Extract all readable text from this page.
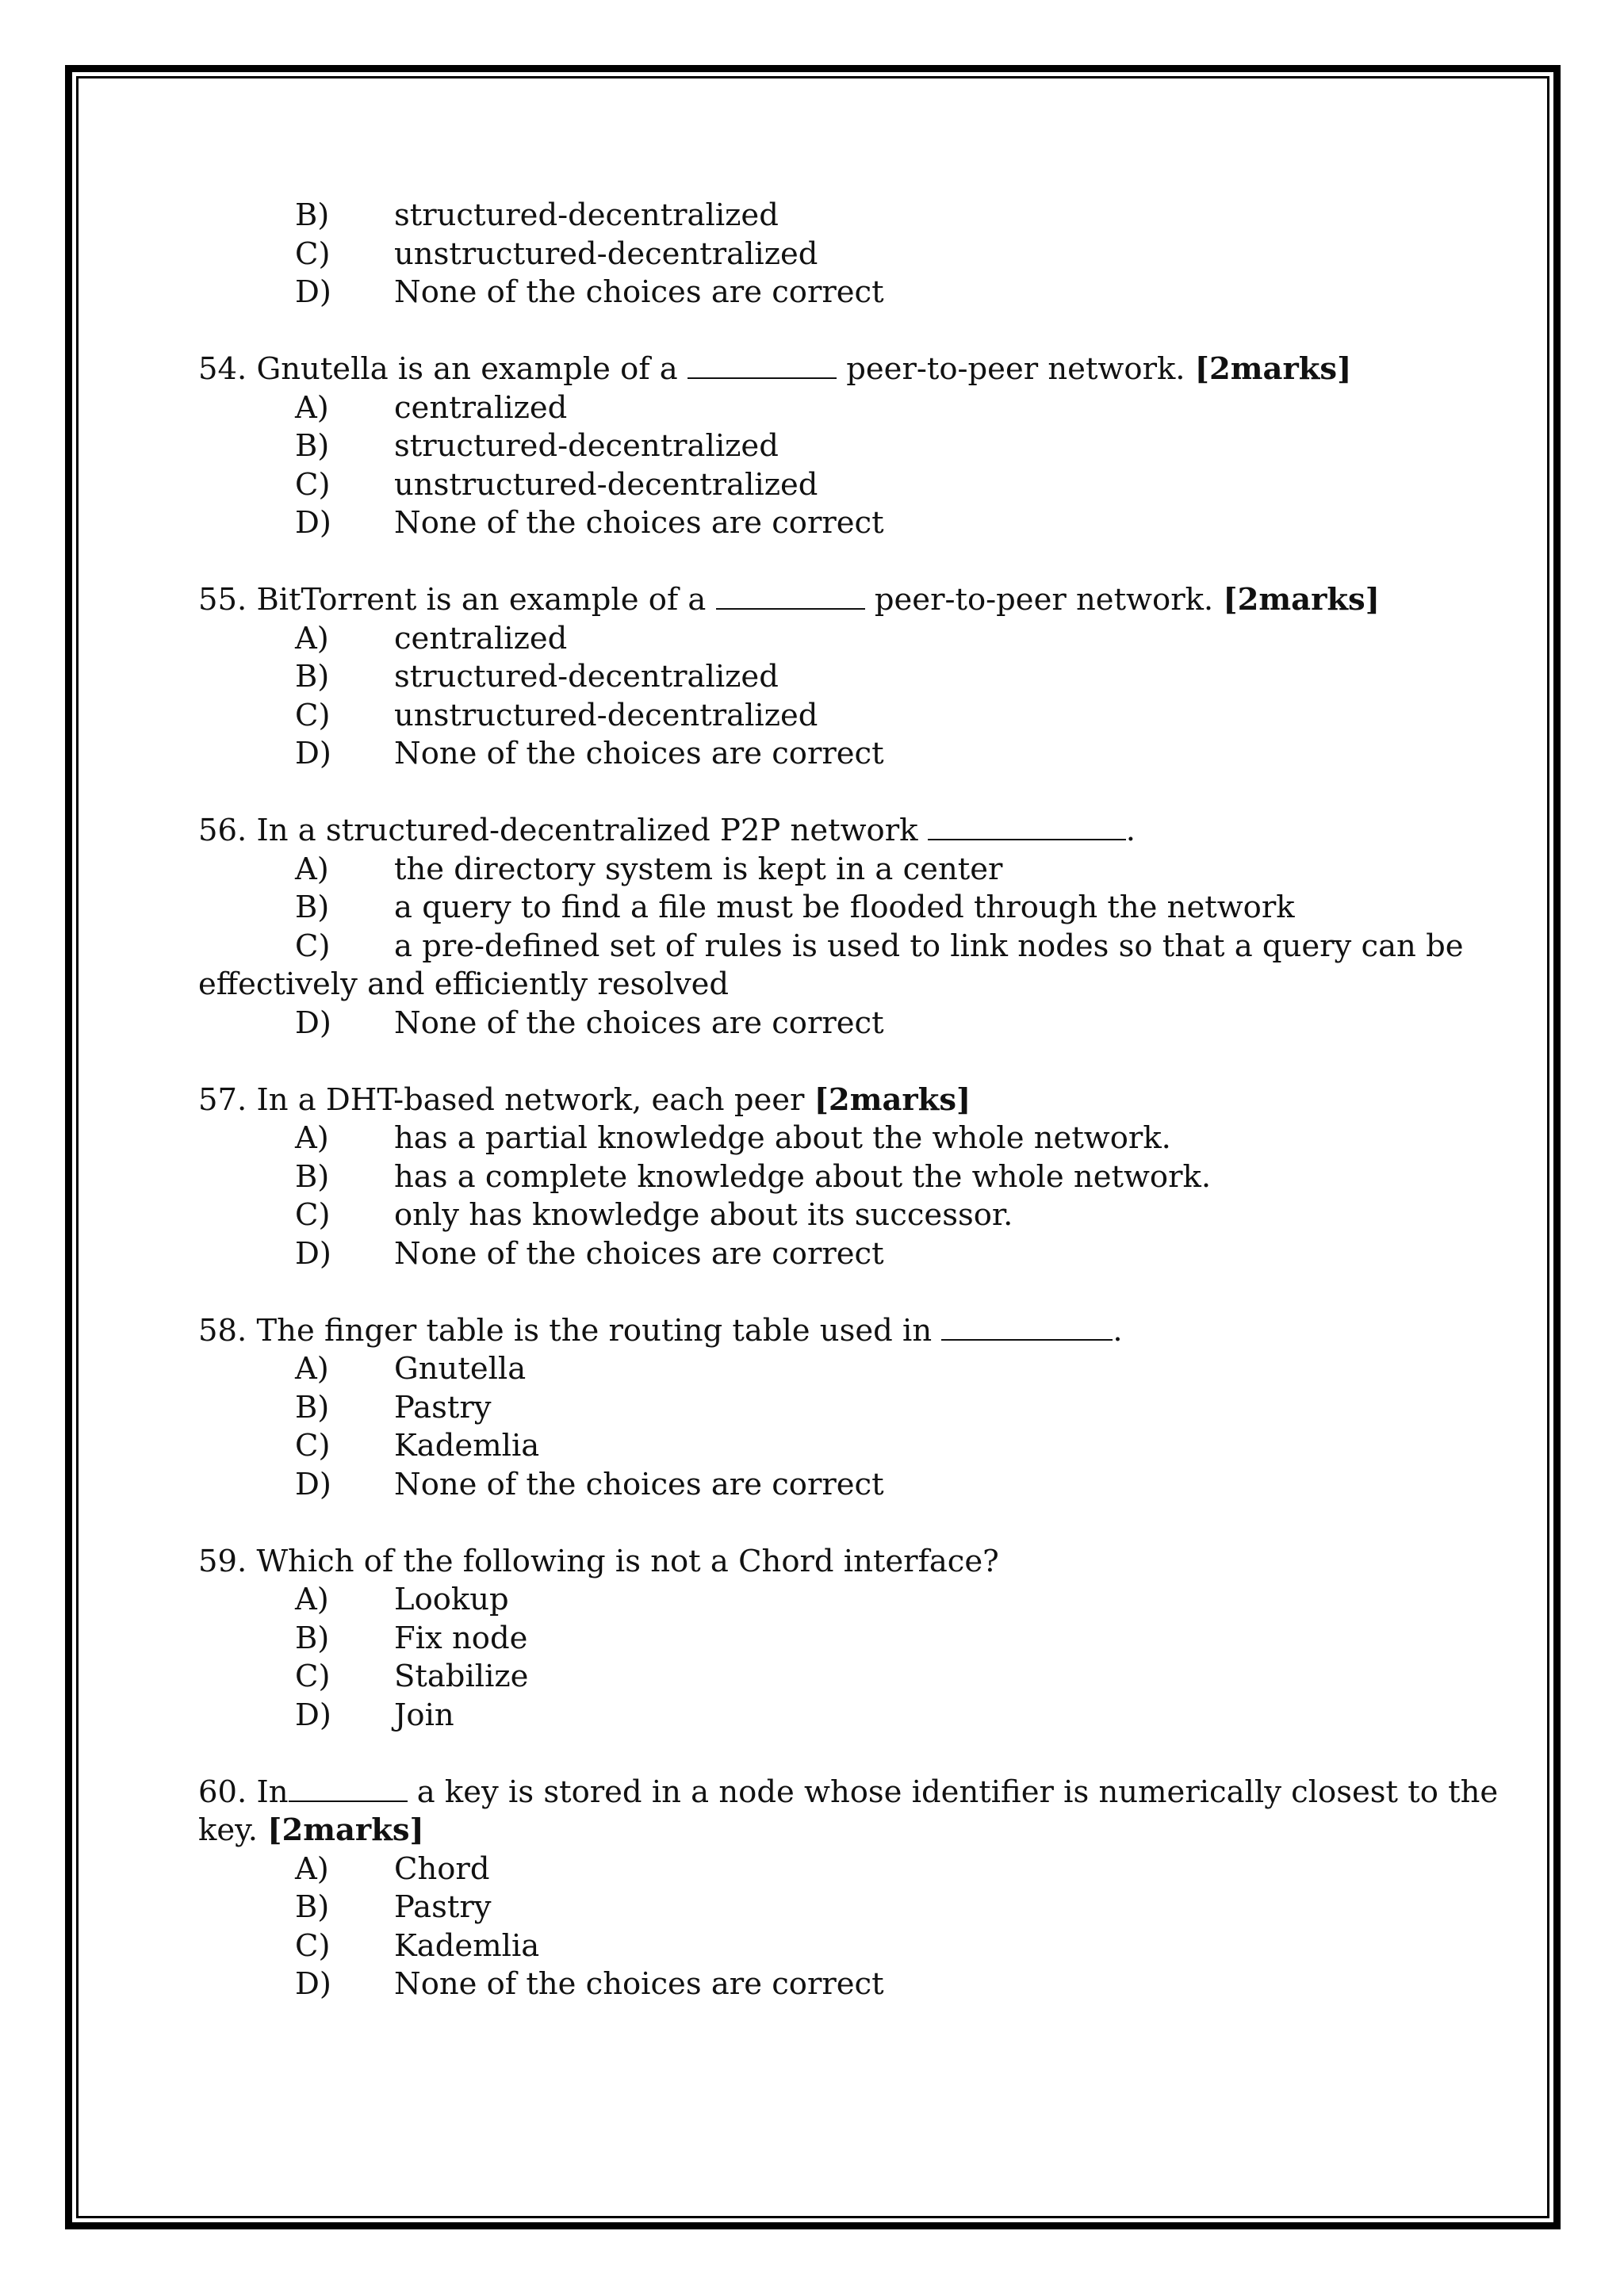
B) structured-decentralized
C) unstructured-decentralized
D) None of the choices are correct
54. Gnutella is an example of a	peer-to-peer network. [2marks]
A) centralized
B) structured-decentralized
C) unstructured-decentralized
D) None of the choices are correct
55. BitTorrent is an example of a	peer-to-peer network. [2marks]
A) centralized
B) structured-decentralized
C) unstructured-decentralized
D) None of the choices are correct
56. In a structured-decentralized P2P network	.
A) the directory system is kept in a center
B) a query to find a file must be flooded through the network
C) a pre-defined set of rules is used to link nodes so that a query can be
effectively and efficiently resolved
D) None of the choices are correct
57. In a DHT-based network, each peer [2marks]
A) has a partial knowledge about the whole network.
B) has a complete knowledge about the whole network.
C) only has knowledge about its successor.
D) None of the choices are correct
58. The finger table is the routing table used in	.
A) Gnutella
B) Pastry
C) Kademlia
D) None of the choices are correct
59. Which of the following is not a Chord interface?
A) Lookup
B) Fix node
C) Stabilize
D) Join
60. In	a key is stored in a node whose identifier is numerically closest to the
key. [2marks]
A) Chord
B) Pastry
C) Kademlia
D) None of the choices are correct
